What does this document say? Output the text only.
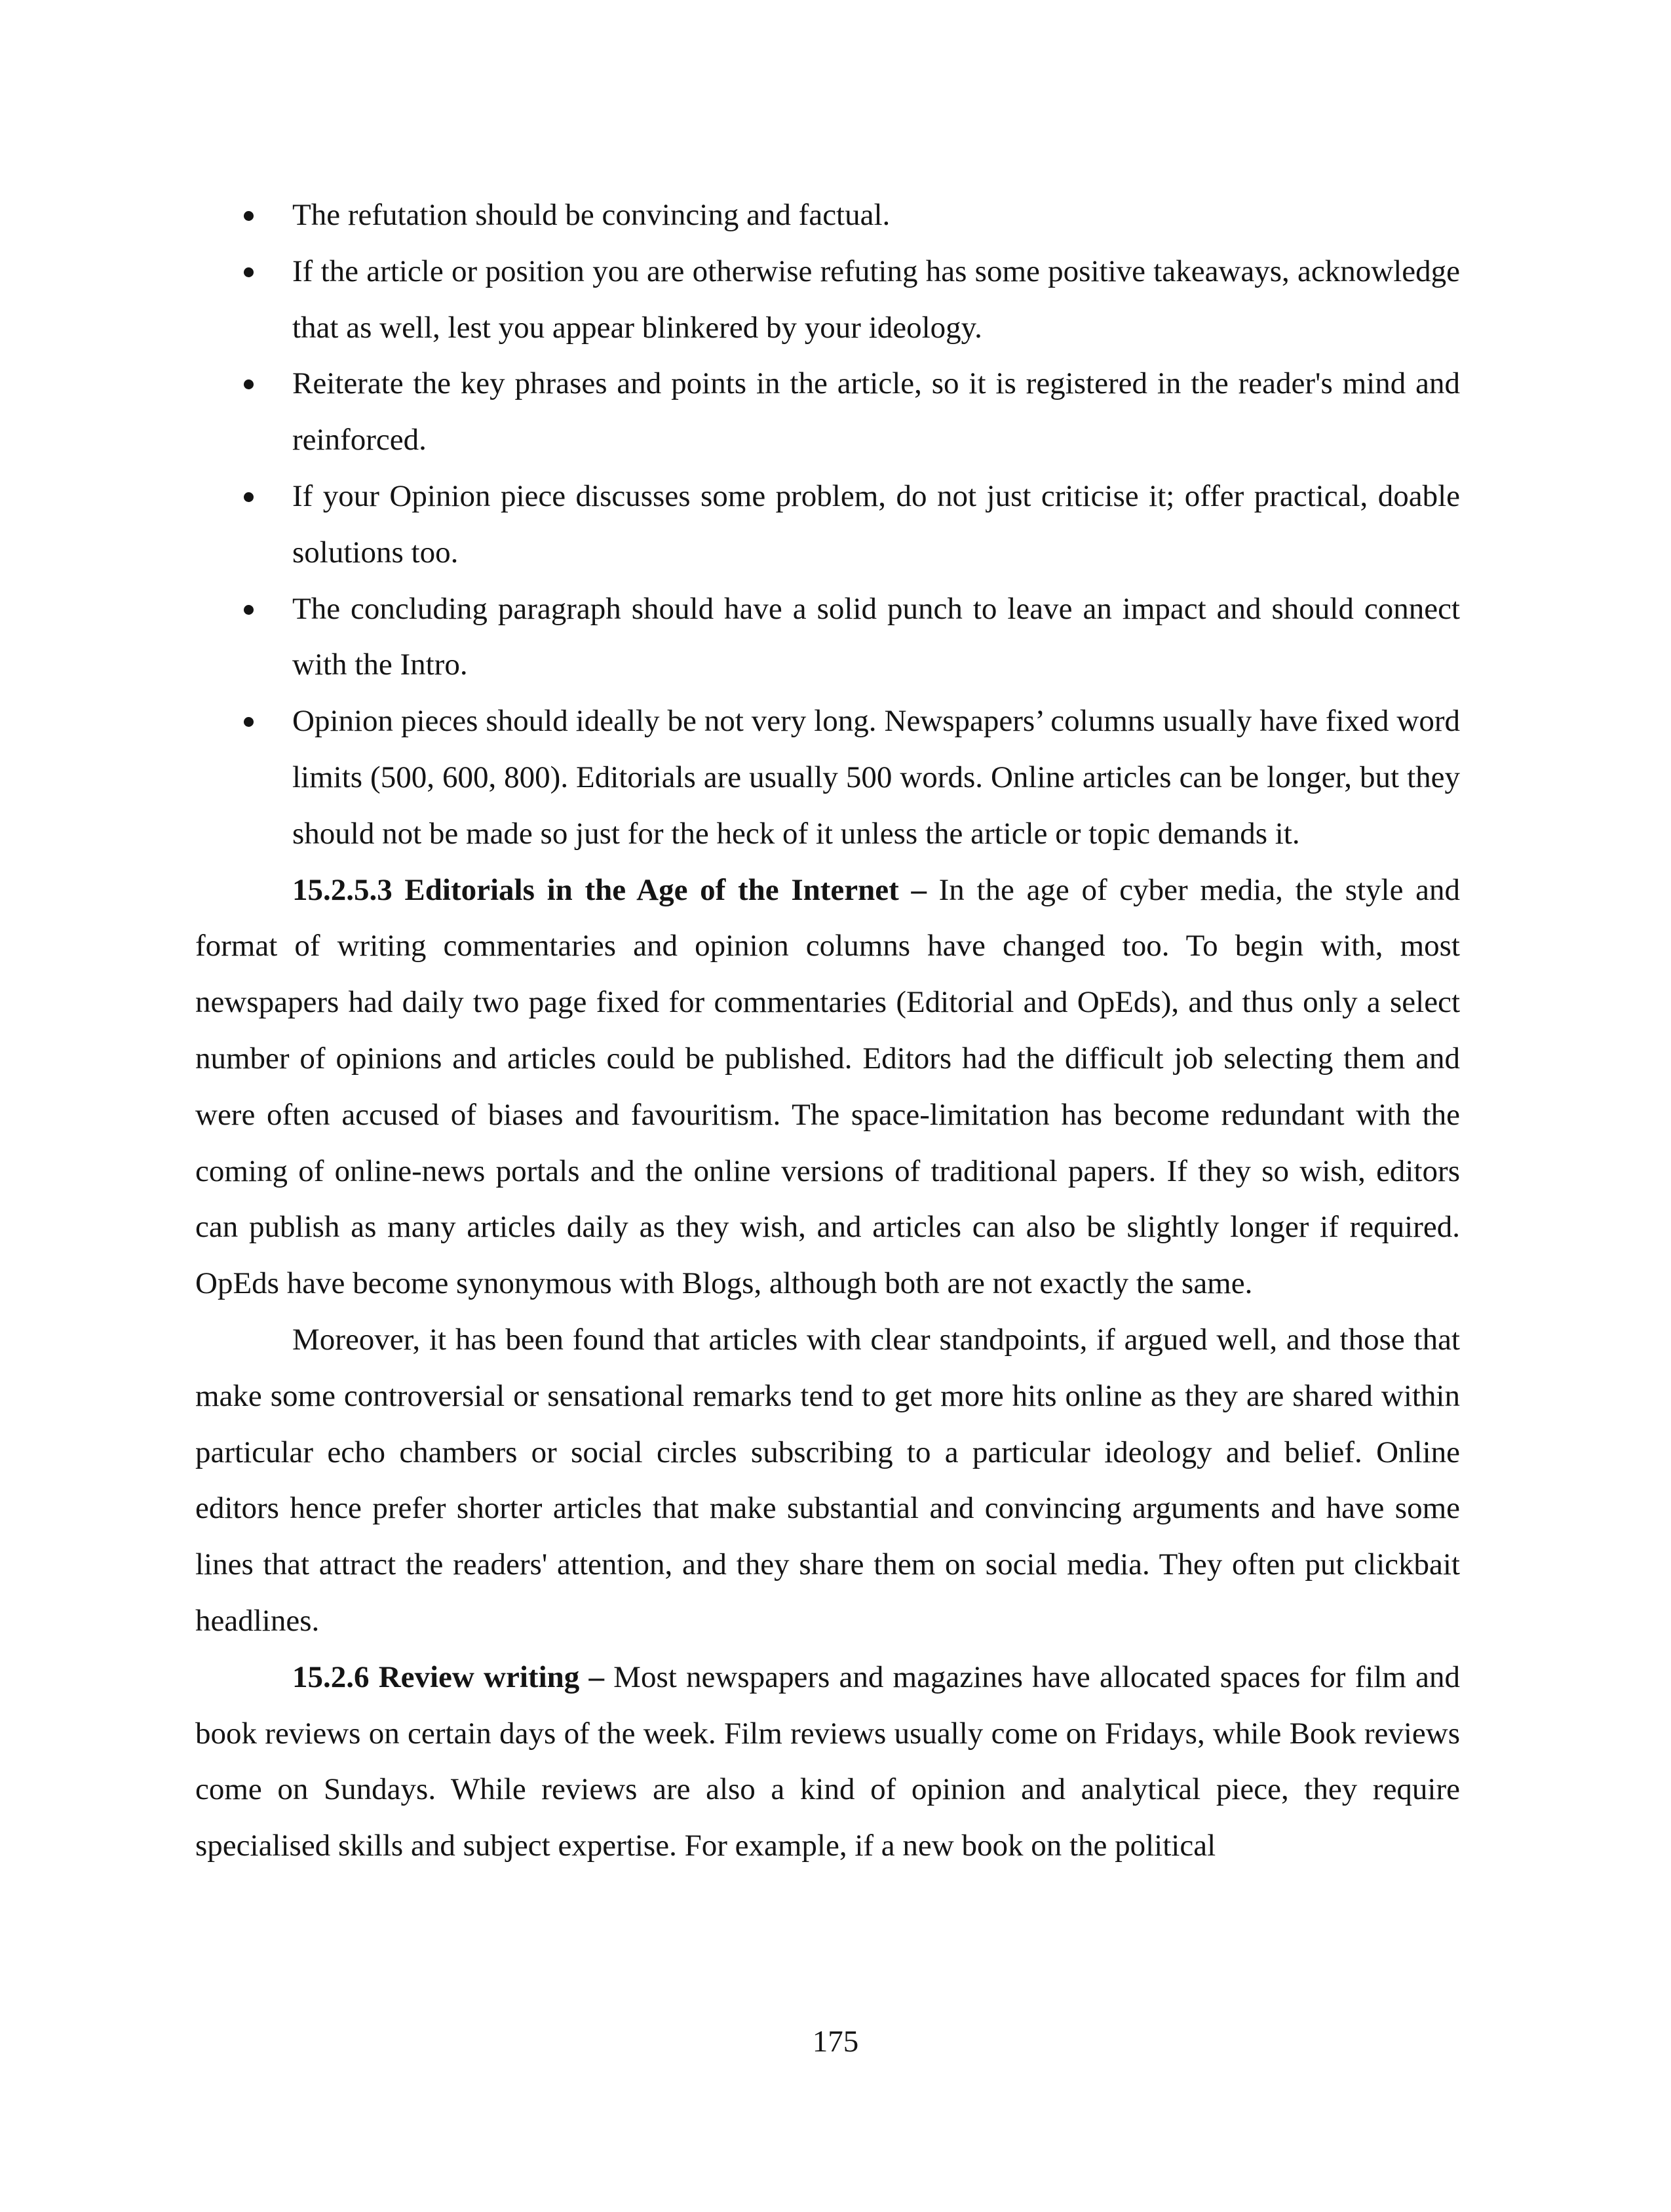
The refutation should be convincing and factual.
If the article or position you are otherwise refuting has some positive takeaways, acknowledge that as well, lest you appear blinkered by your ideology.
Reiterate the key phrases and points in the article, so it is registered in the reader's mind and reinforced.
If your Opinion piece discusses some problem, do not just criticise it; offer practical, doable solutions too.
The concluding paragraph should have a solid punch to leave an impact and should connect with the Intro.
Opinion pieces should ideally be not very long. Newspapers’ columns usually have fixed word limits (500, 600, 800). Editorials are usually 500 words. Online articles can be longer, but they should not be made so just for the heck of it unless the article or topic demands it.

15.2.5.3 Editorials in the Age of the Internet – In the age of cyber media, the style and format of writing commentaries and opinion columns have changed too. To begin with, most newspapers had daily two page fixed for commentaries (Editorial and OpEds), and thus only a select number of opinions and articles could be published. Editors had the difficult job selecting them and were often accused of biases and favouritism. The space-limitation has become redundant with the coming of online-news portals and the online versions of traditional papers. If they so wish, editors can publish as many articles daily as they wish, and articles can also be slightly longer if required. OpEds have become synonymous with Blogs, although both are not exactly the same.

Moreover, it has been found that articles with clear standpoints, if argued well, and those that make some controversial or sensational remarks tend to get more hits online as they are shared within particular echo chambers or social circles subscribing to a particular ideology and belief. Online editors hence prefer shorter articles that make substantial and convincing arguments and have some lines that attract the readers' attention, and they share them on social media. They often put clickbait headlines.

15.2.6 Review writing – Most newspapers and magazines have allocated spaces for film and book reviews on certain days of the week. Film reviews usually come on Fridays, while Book reviews come on Sundays. While reviews are also a kind of opinion and analytical piece, they require specialised skills and subject expertise. For example, if a new book on the political

175
